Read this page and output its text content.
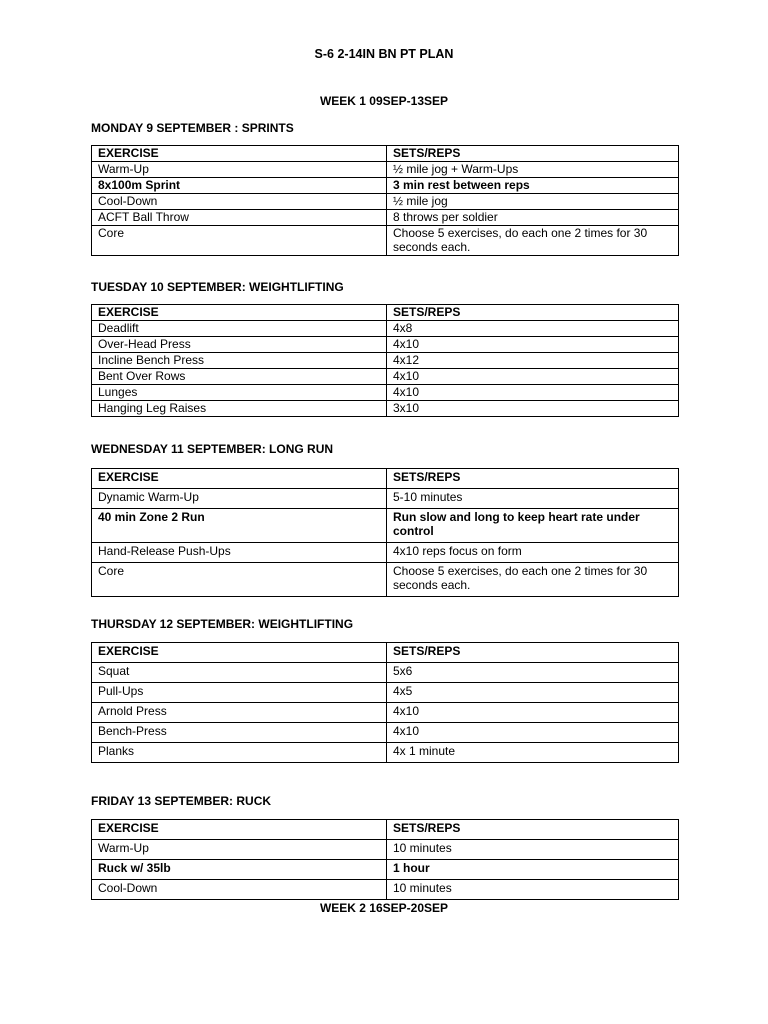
S-6 2-14IN BN PT PLAN
WEEK 1 09SEP-13SEP
MONDAY 9 SEPTEMBER : SPRINTS
EXERCISE	SETS/REPS
Warm-Up	½ mile jog + Warm-Ups
8x100m Sprint	3 min rest between reps
Cool-Down	½ mile jog
ACFT Ball Throw	8 throws per soldier
Core	Choose 5 exercises, do each one 2 times for 30 seconds each.
TUESDAY 10 SEPTEMBER: WEIGHTLIFTING
EXERCISE	SETS/REPS
Deadlift	4x8
Over-Head Press	4x10
Incline Bench Press	4x12
Bent Over Rows	4x10
Lunges	4x10
Hanging Leg Raises	3x10
WEDNESDAY 11 SEPTEMBER: LONG RUN
EXERCISE	SETS/REPS
Dynamic Warm-Up	5-10 minutes
40 min Zone 2 Run	Run slow and long to keep heart rate under control
Hand-Release Push-Ups	4x10 reps focus on form
Core	Choose 5 exercises, do each one 2 times for 30 seconds each.
THURSDAY 12 SEPTEMBER: WEIGHTLIFTING
EXERCISE	SETS/REPS
Squat	5x6
Pull-Ups	4x5
Arnold Press	4x10
Bench-Press	4x10
Planks	4x 1 minute
FRIDAY 13 SEPTEMBER: RUCK
EXERCISE	SETS/REPS
Warm-Up	10 minutes
Ruck w/ 35lb	1 hour
Cool-Down	10 minutes
WEEK 2 16SEP-20SEP
